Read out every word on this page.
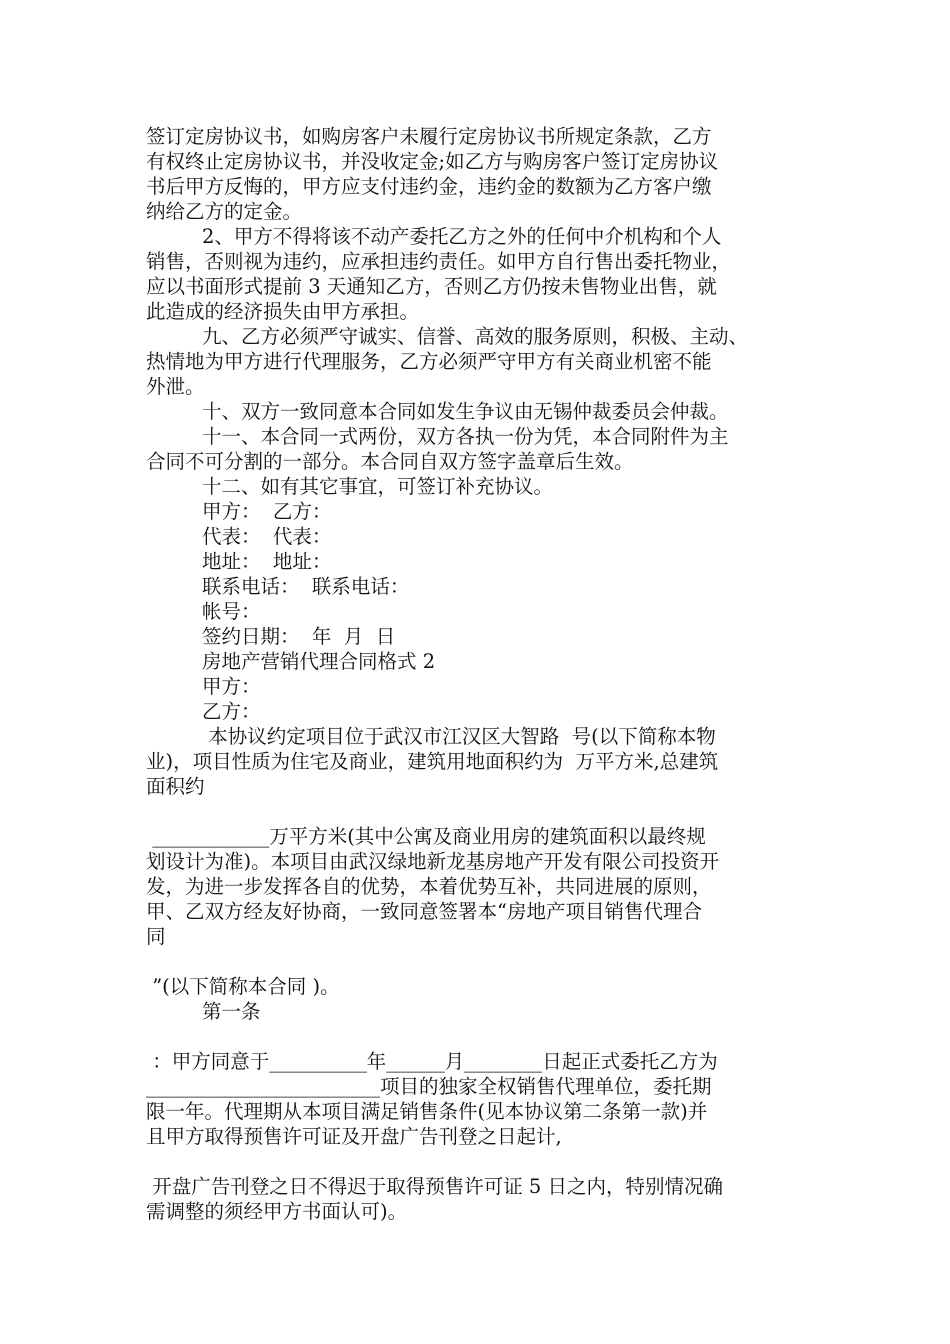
签订定房协议书，如购房客户未履行定房协议书所规定条款，乙方
有权终止定房协议书，并没收定金;如乙方与购房客户签订定房协议
书后甲方反悔的，甲方应支付违约金，违约金的数额为乙方客户缴
纳给乙方的定金。
2、甲方不得将该不动产委托乙方之外的任何中介机构和个人
销售，否则视为违约，应承担违约责任。如甲方自行售出委托物业，
应以书面形式提前 3 天通知乙方，否则乙方仍按未售物业出售，就
此造成的经济损失由甲方承担。
九、乙方必须严守诚实、信誉、高效的服务原则，积极、主动、
热情地为甲方进行代理服务，乙方必须严守甲方有关商业机密不能
外泄。
十、双方一致同意本合同如发生争议由无锡仲裁委员会仲裁。
十一、本合同一式两份，双方各执一份为凭，本合同附件为主
合同不可分割的一部分。本合同自双方签字盖章后生效。
十二、如有其它事宜，可签订补充协议。
甲方：  乙方：
代表：  代表：
地址：  地址：
联系电话：  联系电话：
帐号：
签约日期：  年  月  日
房地产营销代理合同格式 2
甲方：
乙方：
本协议约定项目位于武汉市江汉区大智路  号(以下简称本物
业)，项目性质为住宅及商业，建筑用地面积约为  万平方米,总建筑
面积约
____________万平方米(其中公寓及商业用房的建筑面积以最终规
划设计为准)。本项目由武汉绿地新龙基房地产开发有限公司投资开
发，为进一步发挥各自的优势，本着优势互补，共同进展的原则，
甲、乙双方经友好协商，一致同意签署本“房地产项目销售代理合
同
”(以下简称本合同 )。
第一条
：甲方同意于__________年______月________日起正式委托乙方为
________________________项目的独家全权销售代理单位，委托期
限一年。代理期从本项目满足销售条件(见本协议第二条第一款)并
且甲方取得预售许可证及开盘广告刊登之日起计,
开盘广告刊登之日不得迟于取得预售许可证 5 日之内，特别情况确
需调整的须经甲方书面认可)。
